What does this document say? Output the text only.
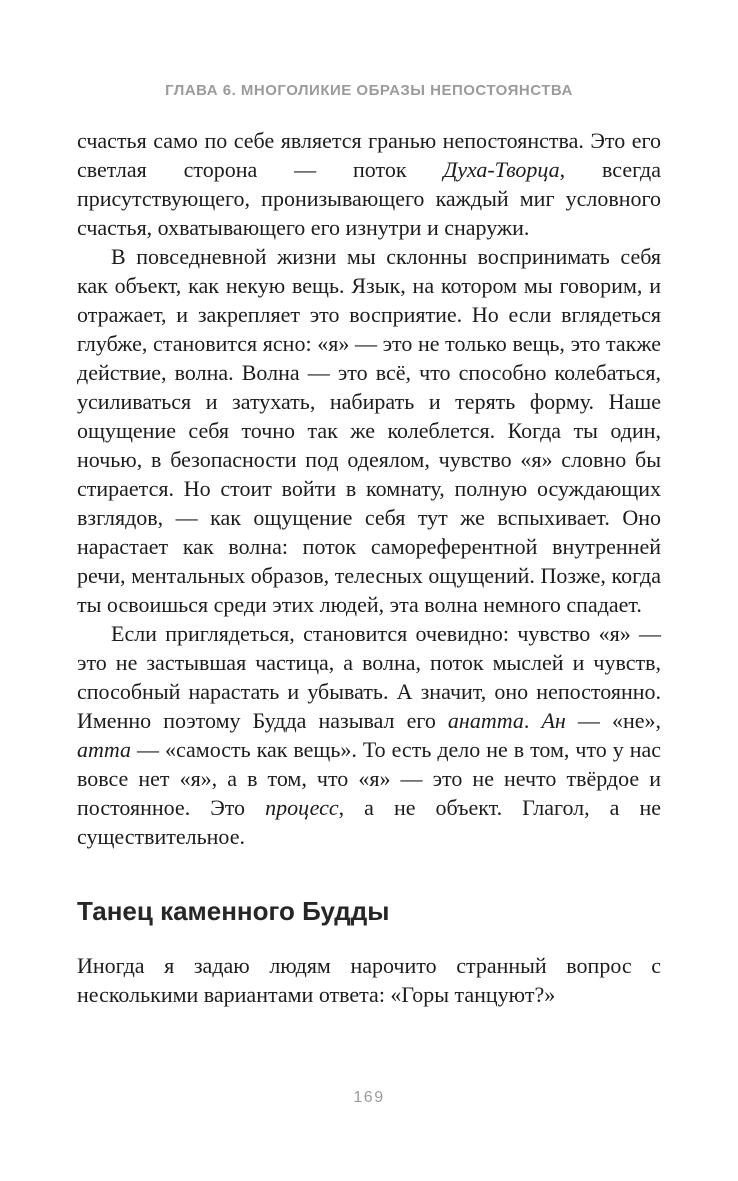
ГЛАВА 6. МНОГОЛИКИЕ ОБРАЗЫ НЕПОСТОЯНСТВА

счастья само по себе является гранью непостоянства. Это его светлая сторона — поток Духа-Творца, всегда присутствующего, пронизывающего каждый миг условного счастья, охватывающего его изнутри и снаружи.

В повседневной жизни мы склонны воспринимать себя как объект, как некую вещь. Язык, на котором мы говорим, и отражает, и закрепляет это восприятие. Но если вглядеться глубже, становится ясно: «я» — это не только вещь, это также действие, волна. Волна — это всё, что способно колебаться, усиливаться и затухать, набирать и терять форму. Наше ощущение себя точно так же колеблется. Когда ты один, ночью, в безопасности под одеялом, чувство «я» словно бы стирается. Но стоит войти в комнату, полную осуждающих взглядов, — как ощущение себя тут же вспыхивает. Оно нарастает как волна: поток самореферентной внутренней речи, ментальных образов, телесных ощущений. Позже, когда ты освоишься среди этих людей, эта волна немного спадает.

Если приглядеться, становится очевидно: чувство «я» — это не застывшая частица, а волна, поток мыслей и чувств, способный нарастать и убывать. А значит, оно непостоянно. Именно поэтому Будда называл его анатта. Ан — «не», атта — «самость как вещь». То есть дело не в том, что у нас вовсе нет «я», а в том, что «я» — это не нечто твёрдое и постоянное. Это процесс, а не объект. Глагол, а не существительное.

Танец каменного Будды

Иногда я задаю людям нарочито странный вопрос с несколькими вариантами ответа: «Горы танцуют?»

169
